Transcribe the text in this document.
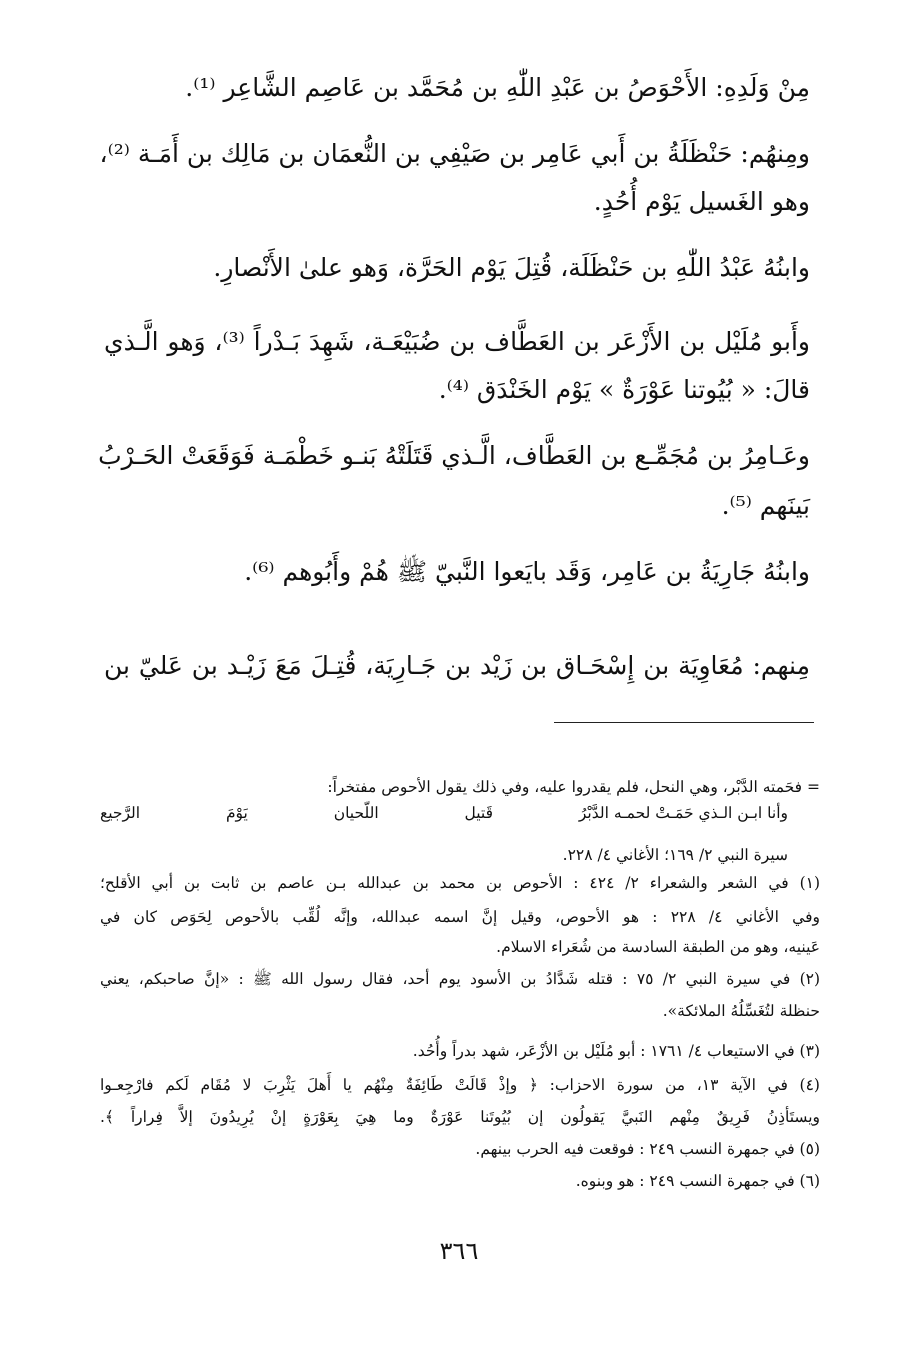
مِنْ وَلَدِهِ: الأَحْوَصُ بن عَبْدِ اللّٰهِ بن مُحَمَّد بن عَاصِم الشَّاعِر ⁽¹⁾.
ومِنهُم: حَنْظَلَةُ بن أَبي عَامِر بن صَيْفِي بن النُّعمَان بن مَالِك بن أَمَـة ⁽²⁾،
وهو الغَسيل يَوْم أُحُدٍ.
وابنُهُ عَبْدُ اللّٰهِ بن حَنْظَلَة، قُتِلَ يَوْم الحَرَّة، وَهو علىٰ الأَنْصارِ.
وأَبو مُلَيْل بن الأَزْعَر بن العَطَّاف بن ضُبَيْعَـة، شَهِدَ بَـدْراً ⁽³⁾، وَهو الَّـذي
قالَ: « بُيُوتنا عَوْرَةٌ » يَوْم الخَنْدَق ⁽⁴⁾.
وعَـامِرُ بن مُجَمِّـع بن العَطَّاف، الَّـذي قَتَلَتْهُ بَنـو خَطْمَـة فَوَقَعَتْ الحَـرْبُ
بَينَهم ⁽⁵⁾.
وابنُهُ جَارِيَةُ بن عَامِر، وَقَد بايَعوا النَّبيّ ﷺ هُمْ وأَبُوهم ⁽⁶⁾.
مِنهم: مُعَاوِيَة بن إِسْحَـاق بن زَيْد بن جَـارِيَة، قُتِـلَ مَعَ زَيْـد بن عَليّ بن
= فحَمته الدَّبْر، وهي النحل، فلم يقدروا عليه، وفي ذلك يقول الأحوص مفتخراً:
وأنا ابـن الـذي حَمَـتْ لحمـه الدَّبْرُ
قَتيل
اللّحيان
يَوْمَ
الرَّجيع
سيرة النبي ٢/ ١٦٩؛ الأغاني ٤/ ٢٢٨.
(١) في الشعر والشعراء ٢/ ٤٢٤ : الأحوص بن محمد بن عبدالله بـن عاصم بن ثابت بن أبي الأقلح؛
وفي الأغاني ٤/ ٢٢٨ : هو الأحوص، وقيل إنَّ اسمه عبدالله، وإنَّه لُقِّب بالأحوص لِحَوَص كان في
عَينيه، وهو من الطبقة السادسة من شُعَراء الاسلام.
(٢) في سيرة النبي ٢/ ٧٥ : قتله شَدَّادُ بن الأسود يوم أحد، فقال رسول الله ﷺ : «إنَّ صاحبكم، يعني
حنظلة لتُغَسِّلُهُ الملائكة».
(٣) في الاستيعاب ٤/ ١٧٦١ : أبو مُلَيْل بن الأزْعَر، شهد بدراً وأُحُد.
(٤) في الآية ١٣، من سورة الاحزاب: ﴿ وإذْ قَالَتْ طَائِفَةٌ مِنْهُم يا أَهلَ يَثْرِبَ لا مُقَام لَكم فارْجِعـوا
ويستَأذِنُ فَرِيقٌ مِنْهم النَبيَّ يَقولُون إن بُيُوتَنا عَوْرَةٌ وما هِيَ بِعَوْرَةٍ إنْ يُرِيدُونَ إلاَّ فِراراً ﴾.
(٥) في جمهرة النسب ٢٤٩ : فوقعت فيه الحرب بينهم.
(٦) في جمهرة النسب ٢٤٩ : هو وبنوه.
٣٦٦
